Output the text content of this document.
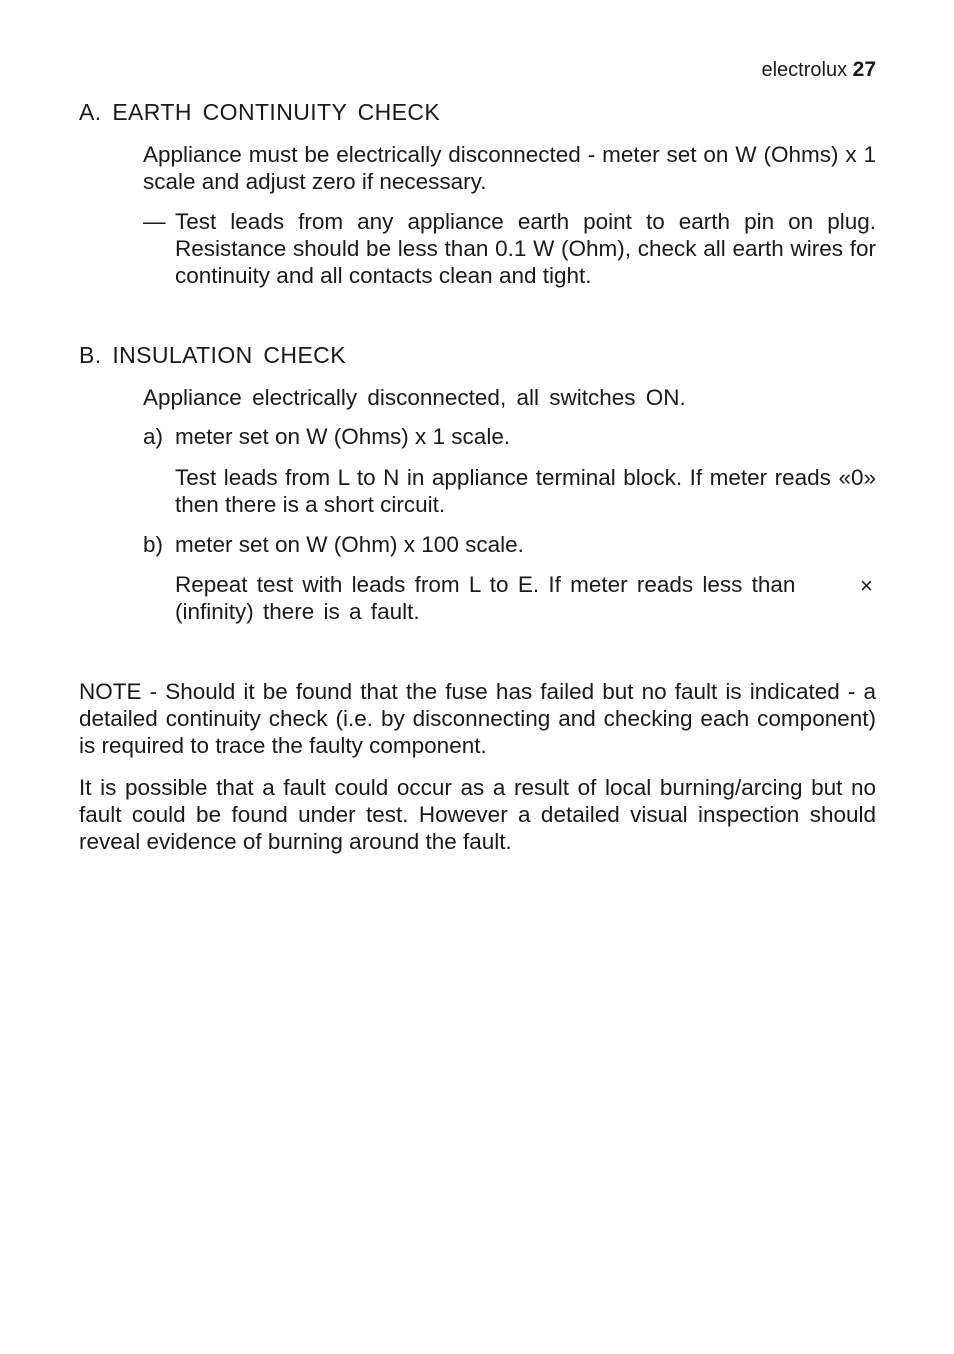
electrolux 27
A. EARTH CONTINUITY CHECK

Appliance must be electrically disconnected - meter set on W (Ohms) x 1 scale and adjust zero if necessary.

— Test leads from any appliance earth point to earth pin on plug. Resistance should be less than 0.1 W (Ohm), check all earth wires for continuity and all contacts clean and tight.

B. INSULATION CHECK

Appliance electrically disconnected, all switches ON.

a) meter set on W (Ohms) x 1 scale.

Test leads from L to N in appliance terminal block. If meter reads «0» then there is a short circuit.

b) meter set on W (Ohm) x 100 scale.

Repeat test with leads from L to E. If meter reads less than (infinity) there is a fault.

×

NOTE - Should it be found that the fuse has failed but no fault is indicated - a detailed continuity check (i.e. by disconnecting and checking each component) is required to trace the faulty component.

It is possible that a fault could occur as a result of local burning/arcing but no fault could be found under test. However a detailed visual inspection should reveal evidence of burning around the fault.
